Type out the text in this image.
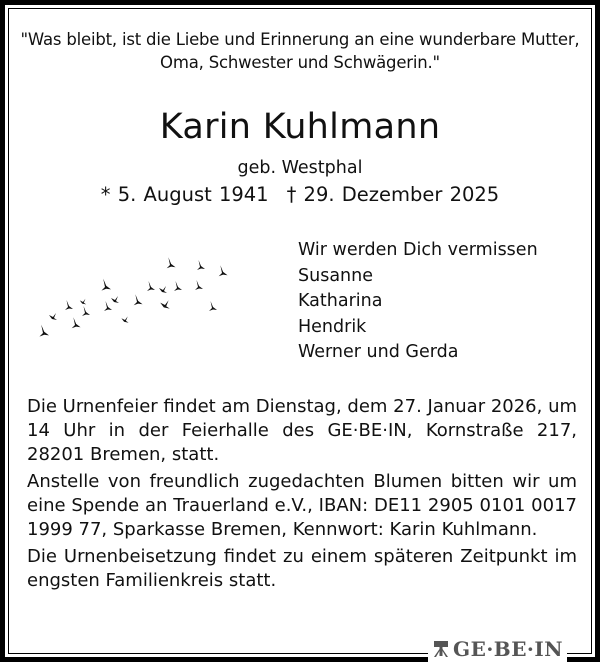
"Was bleibt, ist die Liebe und Erinnerung an eine wunderbare Mutter,
Oma, Schwester und Schwägerin."
Karin Kuhlmann
geb. Westphal
* 5. August 1941 † 29. Dezember 2025
Wir werden Dich vermissen
Susanne
Katharina
Hendrik
Werner und Gerda

Die Urnenfeier findet am Dienstag, dem 27. Januar 2026, um 14 Uhr in der Feierhalle des GE·BE·IN, Kornstraße 217, 28201 Bremen, statt.

Anstelle von freundlich zugedachten Blumen bitten wir um eine Spende an Trauerland e.V., IBAN: DE11 2905 0101 0017 1999 77, Sparkasse Bremen, Kennwort: Karin Kuhlmann.

Die Urnenbeisetzung findet zu einem späteren Zeitpunkt im engsten Familienkreis statt.

GE·BE·IN
